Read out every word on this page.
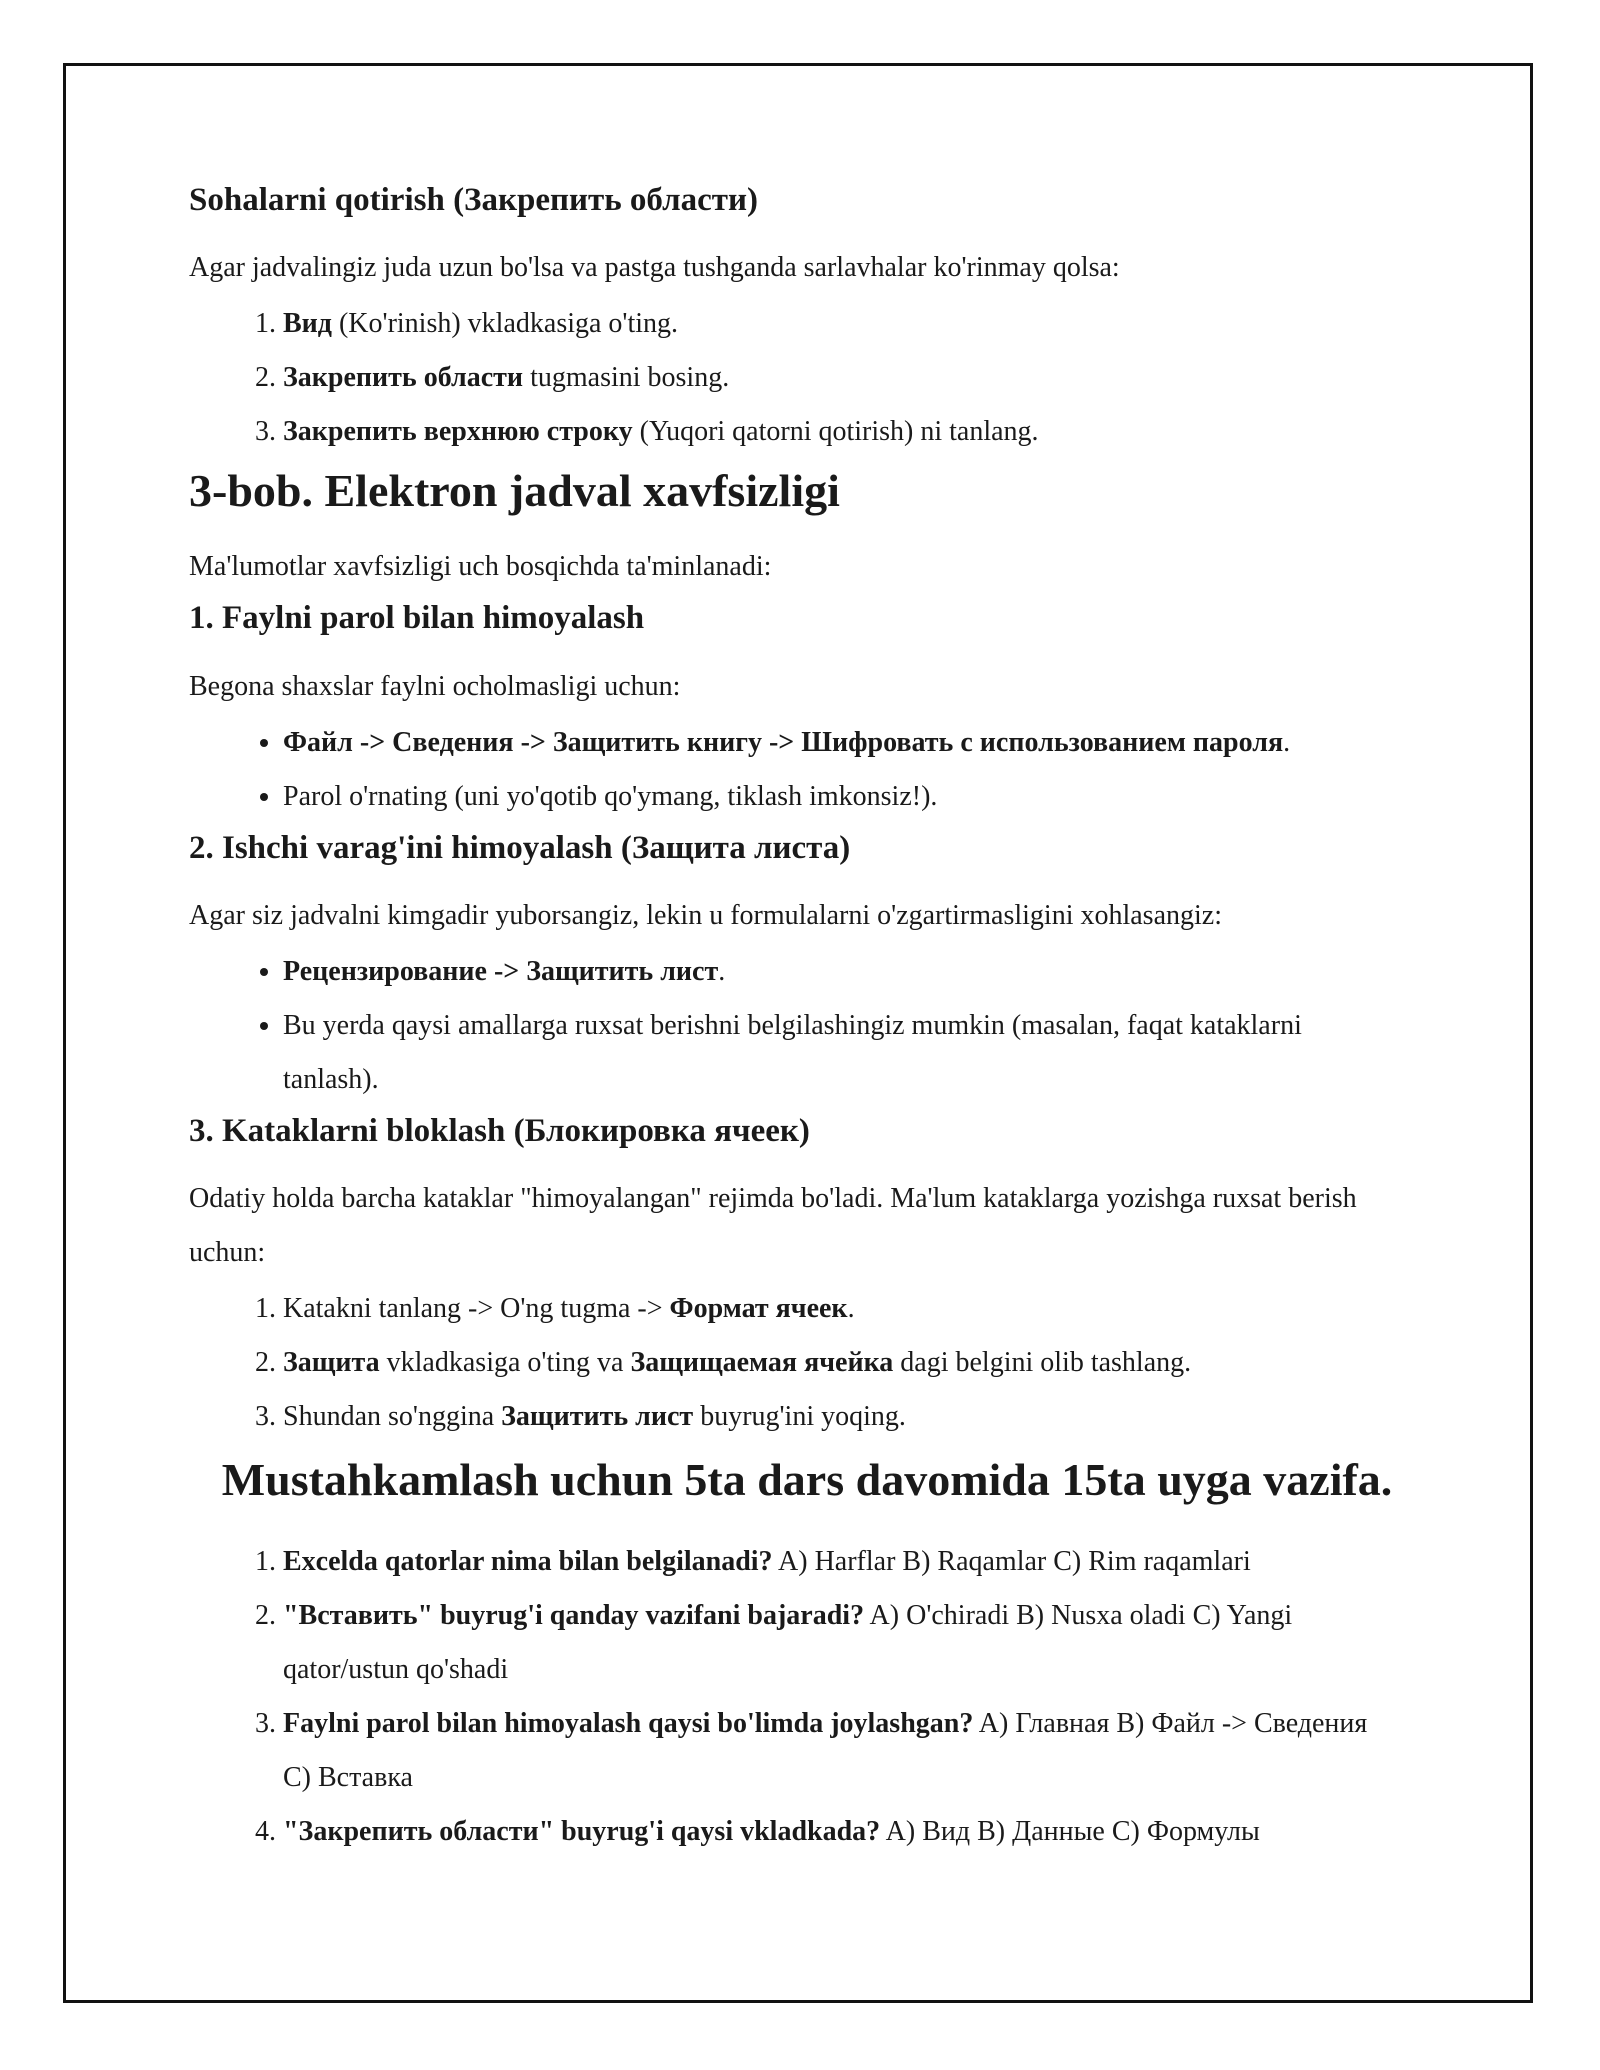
Sohalarni qotirish (Закрепить области)

Agar jadvalingiz juda uzun bo'lsa va pastga tushganda sarlavhalar ko'rinmay qolsa:

1. Вид (Ko'rinish) vkladkasiga o'ting.
2. Закрепить области tugmasini bosing.
3. Закрепить верхнюю строку (Yuqori qatorni qotirish) ni tanlang.
3-bob. Elektron jadval xavfsizligi

Ma'lumotlar xavfsizligi uch bosqichda ta'minlanadi:

1. Faylni parol bilan himoyalash

Begona shaxslar faylni ocholmasligi uchun:

• Файл -> Сведения -> Защитить книгу -> Шифровать с использованием пароля.
• Parol o'rnating (uni yo'qotib qo'ymang, tiklash imkonsiz!).
2. Ishchi varag'ini himoyalash (Защита листа)

Agar siz jadvalni kimgadir yuborsangiz, lekin u formulalarni o'zgartirmasligini xohlasangiz:

• Рецензирование -> Защитить лист.
• Bu yerda qaysi amallarga ruxsat berishni belgilashingiz mumkin (masalan, faqat kataklarni tanlash).
3. Kataklarni bloklash (Блокировка ячеек)

Odatiy holda barcha kataklar "himoyalangan" rejimda bo'ladi. Ma'lum kataklarga yozishga ruxsat berish uchun:

1. Katakni tanlang -> O'ng tugma -> Формат ячеек.
2. Защита vkladkasiga o'ting va Защищаемая ячейка dagi belgini olib tashlang.
3. Shundan so'nggina Защитить лист buyrug'ini yoqing.
Mustahkamlash uchun 5ta dars davomida 15ta uyga vazifa.
1. Excelda qatorlar nima bilan belgilanadi? A) Harflar B) Raqamlar C) Rim raqamlari
2. "Вставить" buyrug'i qanday vazifani bajaradi? A) O'chiradi B) Nusxa oladi C) Yangi qator/ustun qo'shadi
3. Faylni parol bilan himoyalash qaysi bo'limda joylashgan? A) Главная B) Файл -> Сведения C) Вставка
4. "Закрепить области" buyrug'i qaysi vkladkada? A) Вид B) Данные C) Формулы
